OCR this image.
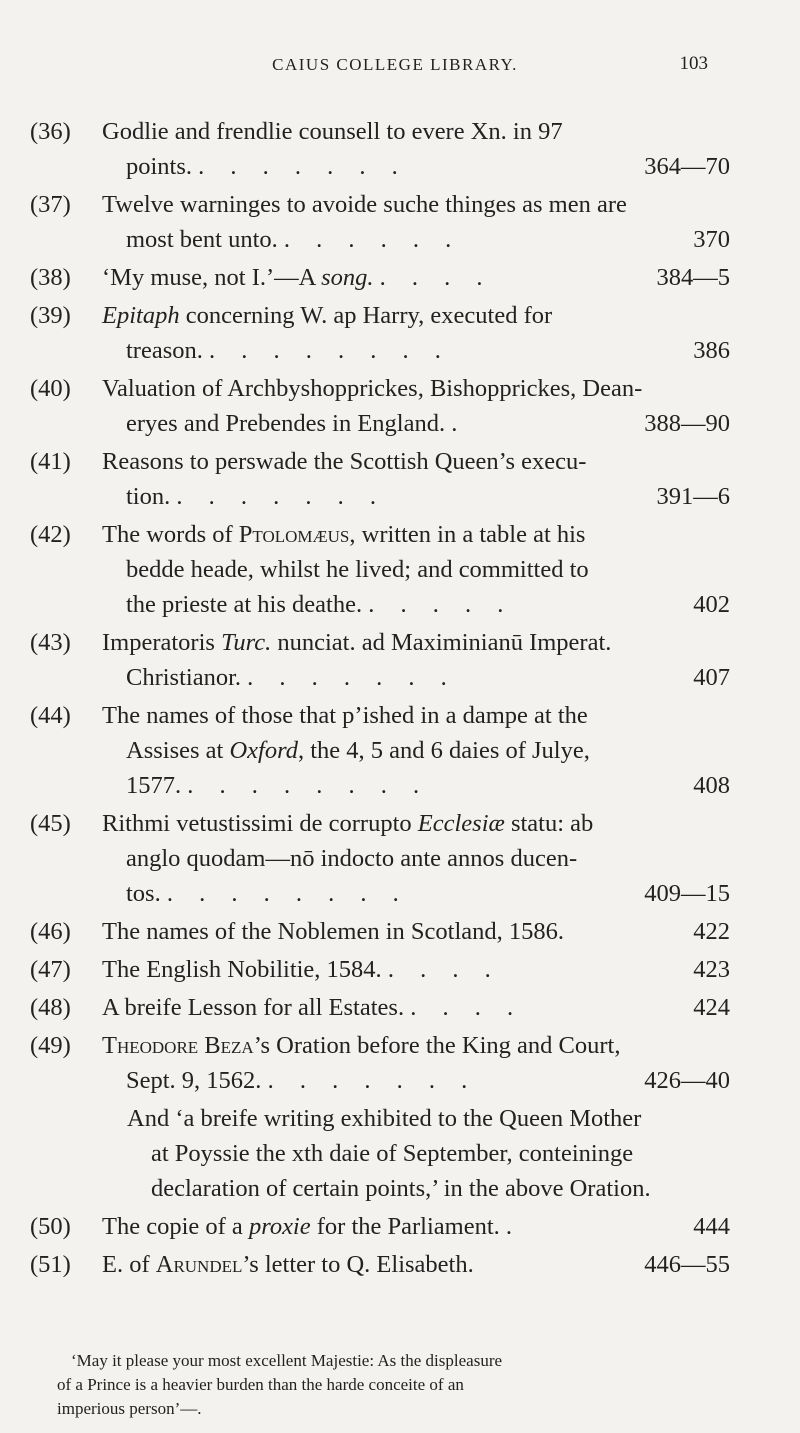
CAIUS COLLEGE LIBRARY.	103
(36) Godlie and frendlie counsell to evere Xn. in 97
points. . . . . . . .	364—70
(37) Twelve warninges to avoide suche thinges as men are
most bent unto. . . . . . .	370
(38) ‘My muse, not I.’—A song. . . . .	384—5
(39) Epitaph concerning W. ap Harry, executed for
treason. . . . . . . . .	386
(40) Valuation of Archbyshopprickes, Bishopprickes, Dean-
eryes and Prebendes in England. .	388—90
(41) Reasons to perswade the Scottish Queen’s execu-
tion. . . . . . . .	391—6
(42) The words of Ptolomæus, written in a table at his
bedde heade, whilst he lived; and committed to
the prieste at his deathe. . . . . .	402
(43) Imperatoris Turc. nunciat. ad Maximinianū Imperat.
Christianor. . . . . . . .	407
(44) The names of those that p’ished in a dampe at the
Assises at Oxford, the 4, 5 and 6 daies of Julye,
1577. . . . . . . . .	408
(45) Rithmi vetustissimi de corrupto Ecclesiæ statu: ab
anglo quodam—nō indocto ante annos ducen-
tos. . . . . . . . .	409—15
(46) The names of the Noblemen in Scotland, 1586.	422
(47) The English Nobilitie, 1584. . . . .	423
(48) A breife Lesson for all Estates. . . . .	424
(49) Theodore Beza’s Oration before the King and Court,
Sept. 9, 1562. . . . . . . .	426—40
And ‘a breife writing exhibited to the Queen Mother
at Poyssie the xth daie of September, conteininge
declaration of certain points,’ in the above Oration.
(50) The copie of a proxie for the Parliament. .	444
(51) E. of Arundel’s letter to Q. Elisabeth.	446—55
‘May it please your most excellent Majestie: As the displeasure
of a Prince is a heavier burden than the harde conceite of an
imperious person’—.
